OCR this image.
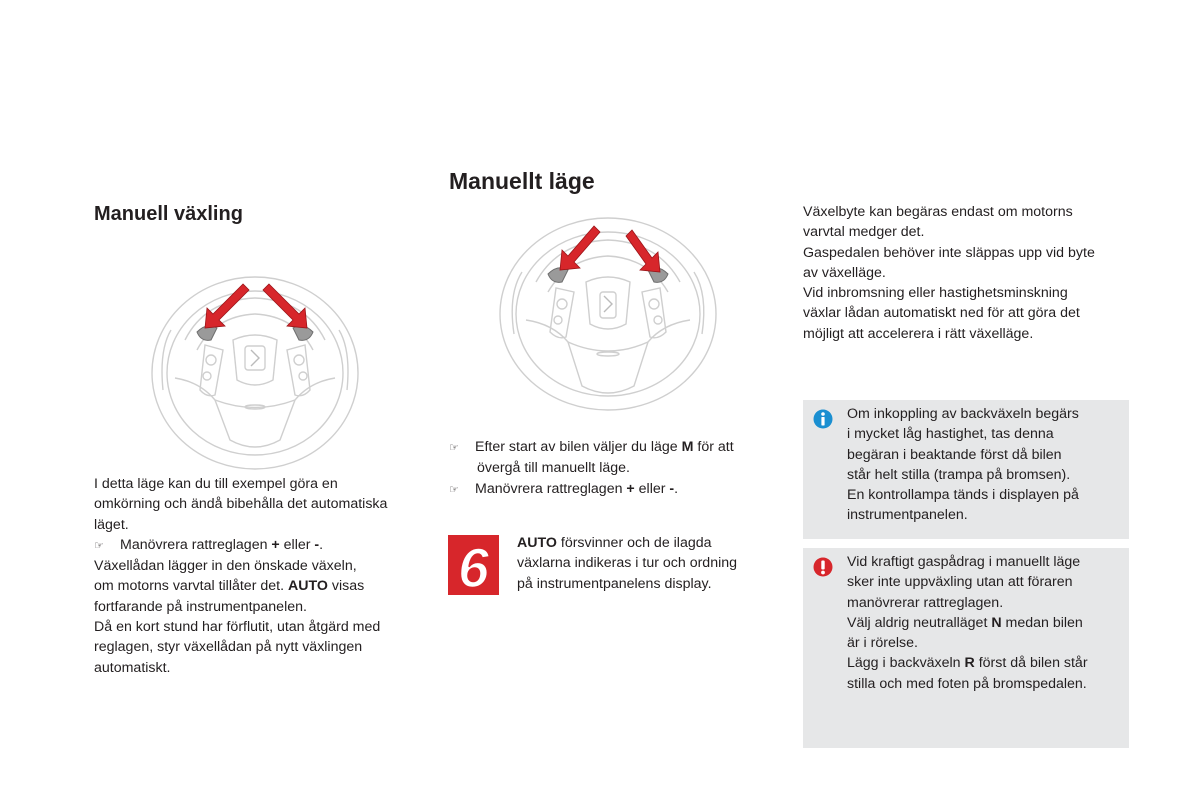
Manuell växling
I detta läge kan du till exempel göra en
omkörning och ändå bibehålla det automatiska
läget.
☞ Manövrera rattreglagen + eller -.
Växellådan lägger in den önskade växeln,
om motorns varvtal tillåter det. AUTO visas
fortfarande på instrumentpanelen.
Då en kort stund har förflutit, utan åtgärd med
reglagen, styr växellådan på nytt växlingen
automatiskt.
Manuellt läge
☞ Efter start av bilen väljer du läge M för att
övergå till manuellt läge.
☞ Manövrera rattreglagen + eller -.
6 AUTO försvinner och de ilagda
växlarna indikeras i tur och ordning
på instrumentpanelens display.
Växelbyte kan begäras endast om motorns
varvtal medger det.
Gaspedalen behöver inte släppas upp vid byte
av växelläge.
Vid inbromsning eller hastighetsminskning
växlar lådan automatiskt ned för att göra det
möjligt att accelerera i rätt växelläge.
Om inkoppling av backväxeln begärs
i mycket låg hastighet, tas denna
begäran i beaktande först då bilen
står helt stilla (trampa på bromsen).
En kontrollampa tänds i displayen på
instrumentpanelen.
Vid kraftigt gaspådrag i manuellt läge
sker inte uppväxling utan att föraren
manövrerar rattreglagen.
Välj aldrig neutralläget N medan bilen
är i rörelse.
Lägg i backväxeln R först då bilen står
stilla och med foten på bromspedalen.
